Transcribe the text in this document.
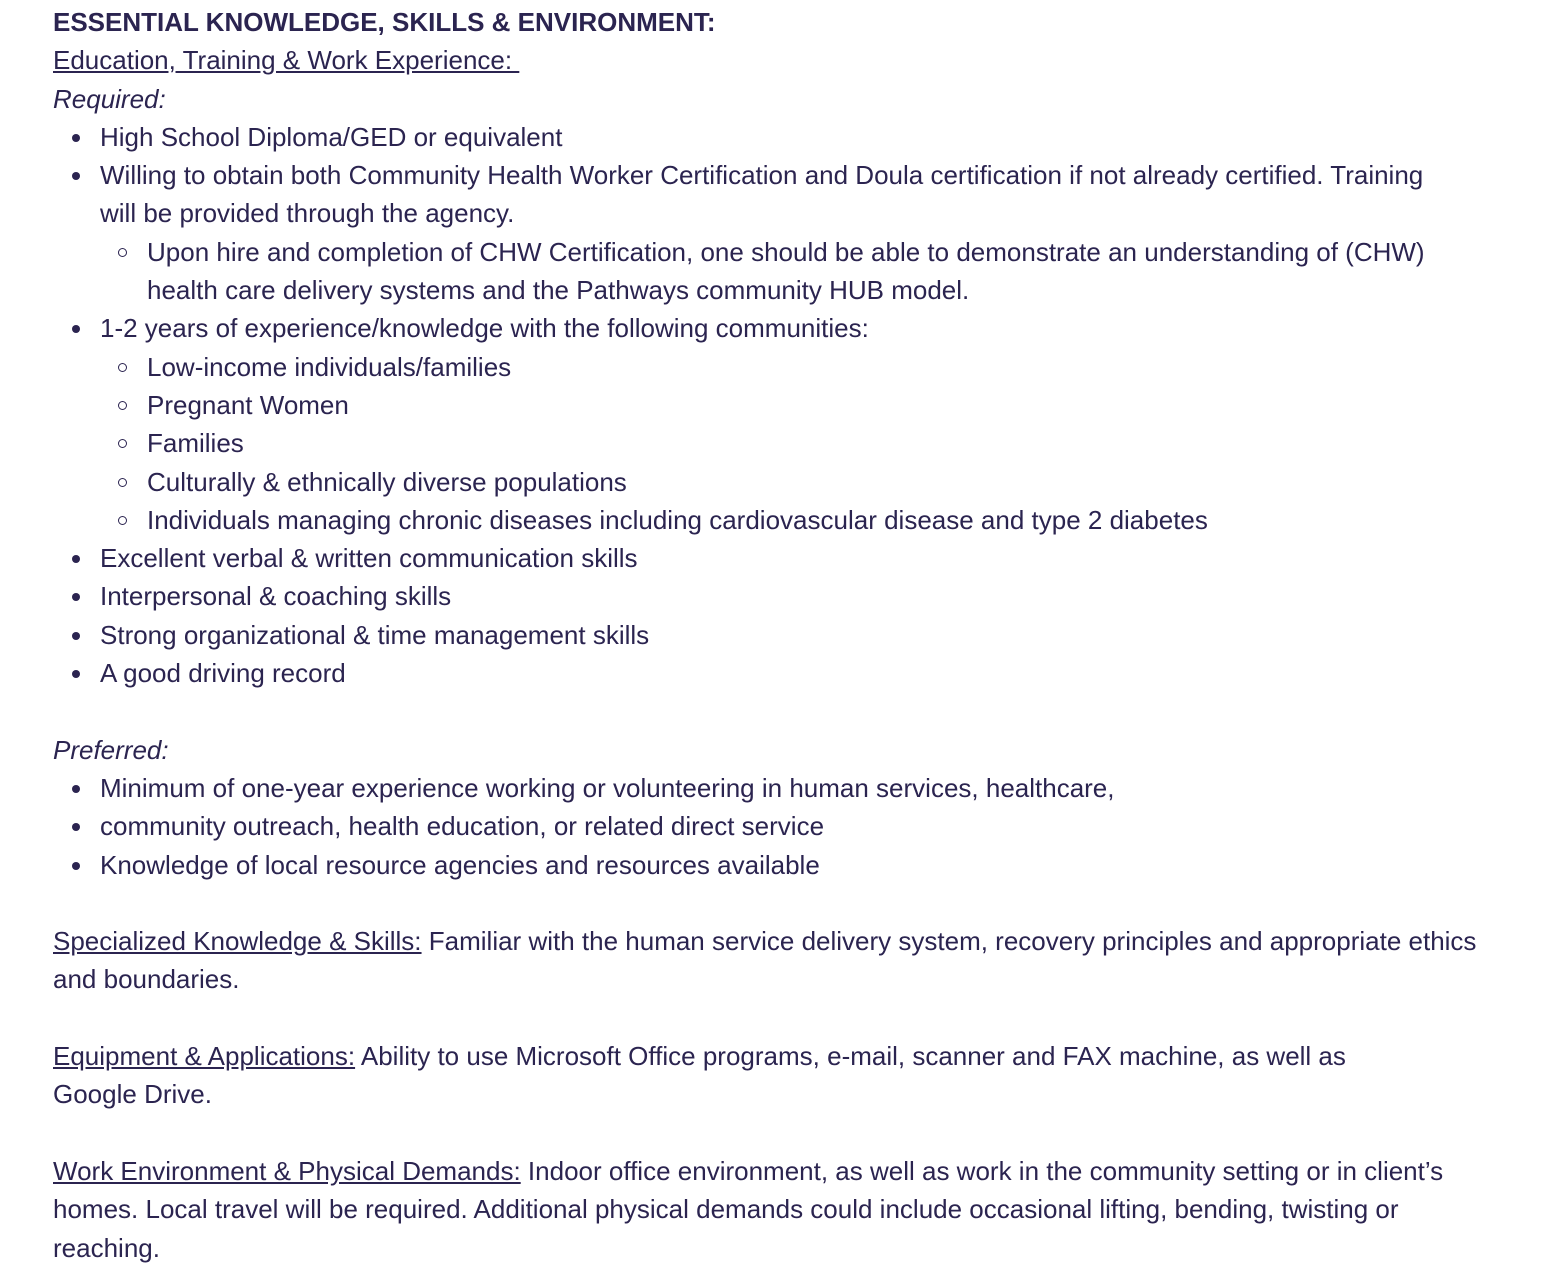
ESSENTIAL KNOWLEDGE, SKILLS & ENVIRONMENT:

Education, Training & Work Experience:

Required:

High School Diploma/GED or equivalent
Willing to obtain both Community Health Worker Certification and Doula certification if not already certified. Training will be provided through the agency.
Upon hire and completion of CHW Certification, one should be able to demonstrate an understanding of (CHW) health care delivery systems and the Pathways community HUB model.
1-2 years of experience/knowledge with the following communities:
Low-income individuals/families
Pregnant Women
Families
Culturally & ethnically diverse populations
Individuals managing chronic diseases including cardiovascular disease and type 2 diabetes
Excellent verbal & written communication skills
Interpersonal & coaching skills
Strong organizational & time management skills
A good driving record

Preferred:

Minimum of one-year experience working or volunteering in human services, healthcare,
community outreach, health education, or related direct service
Knowledge of local resource agencies and resources available

Specialized Knowledge & Skills: Familiar with the human service delivery system, recovery principles and appropriate ethics and boundaries.

Equipment & Applications: Ability to use Microsoft Office programs, e-mail, scanner and FAX machine, as well as Google Drive.

Work Environment & Physical Demands: Indoor office environment, as well as work in the community setting or in client’s homes. Local travel will be required. Additional physical demands could include occasional lifting, bending, twisting or reaching.
